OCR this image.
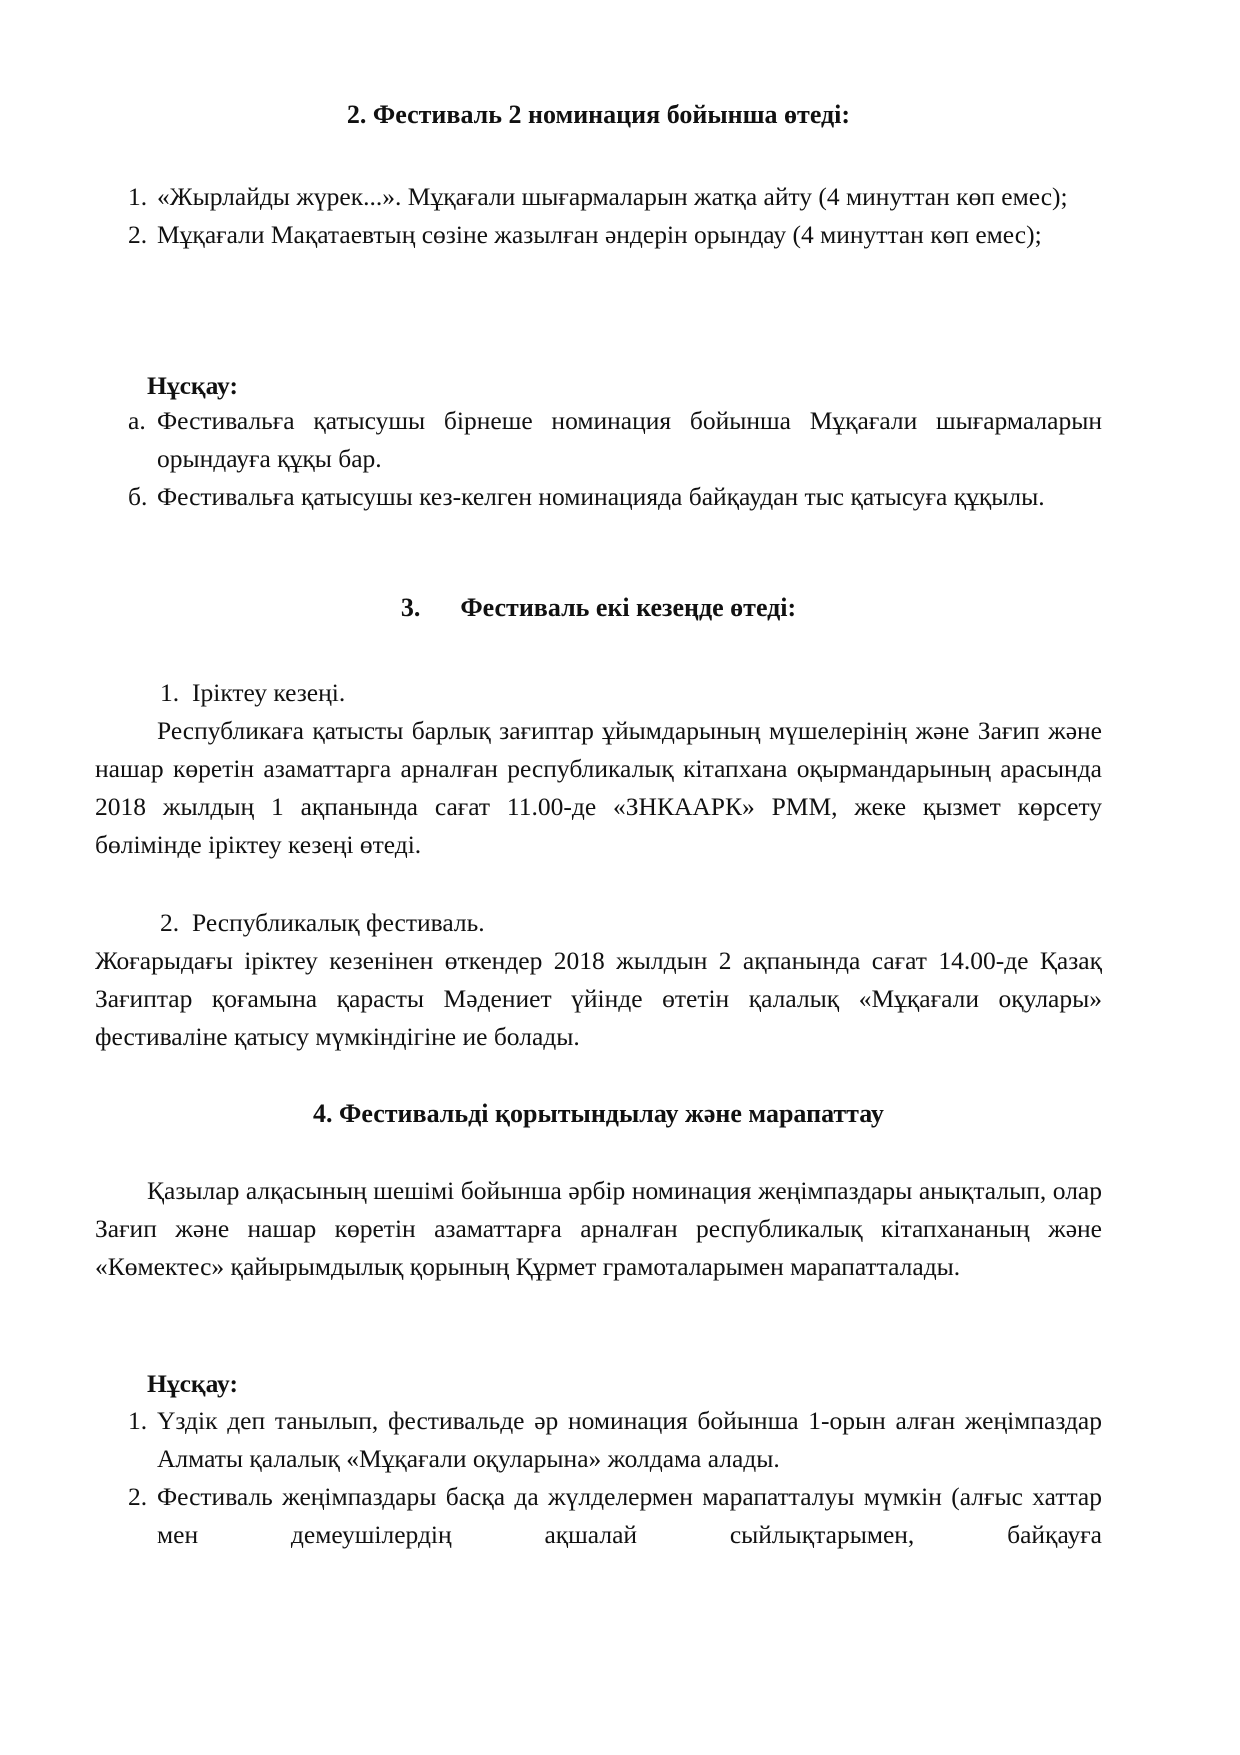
2. Фестиваль 2 номинация бойынша өтеді:
1. «Жырлайды жүрек...». Мұқағали шығармаларын жатқа айту (4 минуттан көп емес);
2. Мұқағали Мақатаевтың сөзіне жазылған әндерін орындау (4 минуттан көп емес);
Нұсқау:
а. Фестивальға қатысушы бірнеше номинация бойынша Мұқағали шығармаларын орындауға құқы бар.
б. Фестивальға қатысушы кез-келген номинацияда байқаудан тыс қатысуға құқылы.
3. Фестиваль екі кезеңде өтеді:
1. Іріктеу кезеңі.

Республикаға қатысты барлық зағиптар ұйымдарының мүшелерінің және Зағип және нашар көретін азаматтарга арналған республикалық кітапхана оқырмандарының арасында 2018 жылдың 1 ақпанында сағат 11.00-де «ЗНКААРК» РММ, жеке қызмет көрсету бөлімінде іріктеу кезеңі өтеді.

2. Республикалық фестиваль.

Жоғарыдағы іріктеу кезенінен өткендер 2018 жылдын 2 ақпанында сағат 14.00-де Қазақ Зағиптар қоғамына қарасты Мәдениет үйінде өтетін қалалық «Мұқағали оқулары» фестиваліне қатысу мүмкіндігіне ие болады.

4. Фестивальді қорытындылау және марапаттау

Қазылар алқасының шешімі бойынша әрбір номинация жеңімпаздары анықталып, олар Зағип және нашар көретін азаматтарға арналған республикалық кітапхананың және «Көмектес» қайырымдылық қорының Құрмет грамоталарымен марапатталады.

Нұсқау:
1. Үздік деп танылып, фестивальде әр номинация бойынша 1-орын алған жеңімпаздар Алматы қалалық «Мұқағали оқуларына» жолдама алады.
2. Фестиваль жеңімпаздары басқа да жүлделермен марапатталуы мүмкін (алғыс хаттар мен демеушілердің ақшалай сыйлықтарымен, байқауға
